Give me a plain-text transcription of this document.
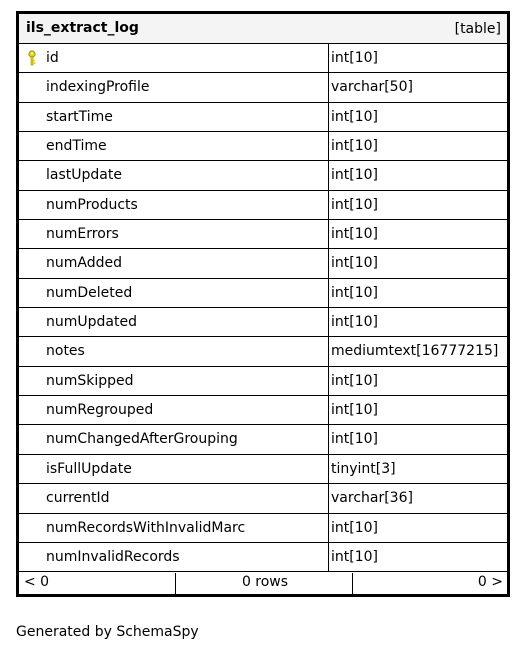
ils_extract_log	[table]
id	int[10]
indexingProfile	varchar[50]
startTime	int[10]
endTime	int[10]
lastUpdate	int[10]
numProducts	int[10]
numErrors	int[10]
numAdded	int[10]
numDeleted	int[10]
numUpdated	int[10]
notes	mediumtext[16777215]
numSkipped	int[10]
numRegrouped	int[10]
numChangedAfterGrouping	int[10]
isFullUpdate	tinyint[3]
currentId	varchar[36]
numRecordsWithInvalidMarc	int[10]
numInvalidRecords	int[10]
< 0	0 rows	0 >
Generated by SchemaSpy
